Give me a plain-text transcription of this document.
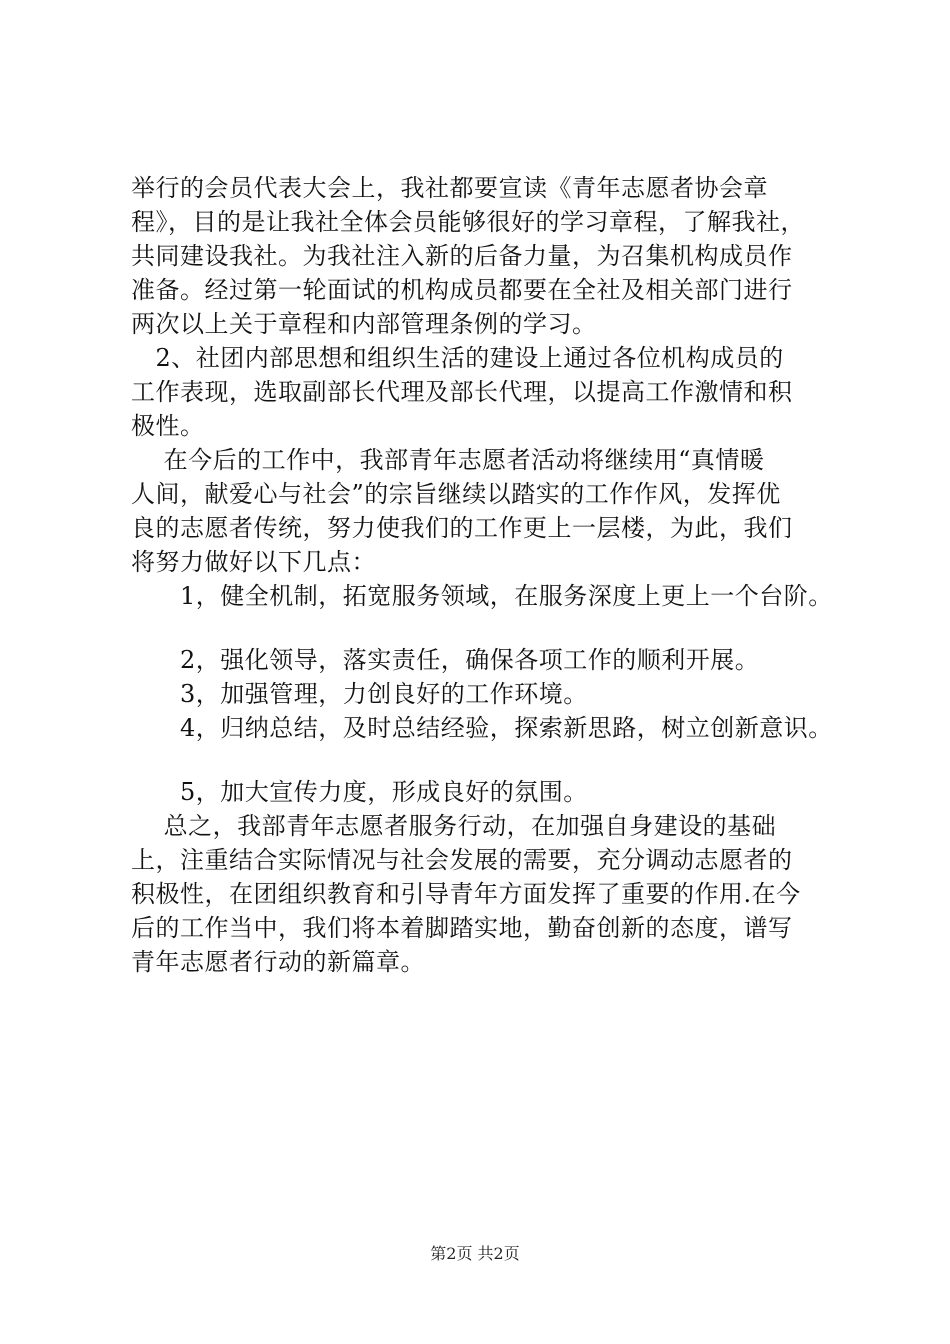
举行的会员代表大会上，我社都要宣读《青年志愿者协会章
程》，目的是让我社全体会员能够很好的学习章程，了解我社，
共同建设我社。为我社注入新的后备力量，为召集机构成员作
准备。经过第一轮面试的机构成员都要在全社及相关部门进行
两次以上关于章程和内部管理条例的学习。
　2、社团内部思想和组织生活的建设上通过各位机构成员的
工作表现，选取副部长代理及部长代理，以提高工作激情和积
极性。
　 在今后的工作中，我部青年志愿者活动将继续用“真情暖
人间，献爱心与社会”的宗旨继续以踏实的工作作风，发挥优
良的志愿者传统，努力使我们的工作更上一层楼，为此，我们
将努力做好以下几点：
　　1，健全机制，拓宽服务领域，在服务深度上更上一个台阶。
　　2，强化领导，落实责任，确保各项工作的顺利开展。
　　3，加强管理，力创良好的工作环境。
　　4，归纳总结，及时总结经验，探索新思路，树立创新意识。
　　5，加大宣传力度，形成良好的氛围。
　 总之，我部青年志愿者服务行动，在加强自身建设的基础
上，注重结合实际情况与社会发展的需要，充分调动志愿者的
积极性，在团组织教育和引导青年方面发挥了重要的作用.在今
后的工作当中，我们将本着脚踏实地，勤奋创新的态度，谱写
青年志愿者行动的新篇章。
第2页 共2页
